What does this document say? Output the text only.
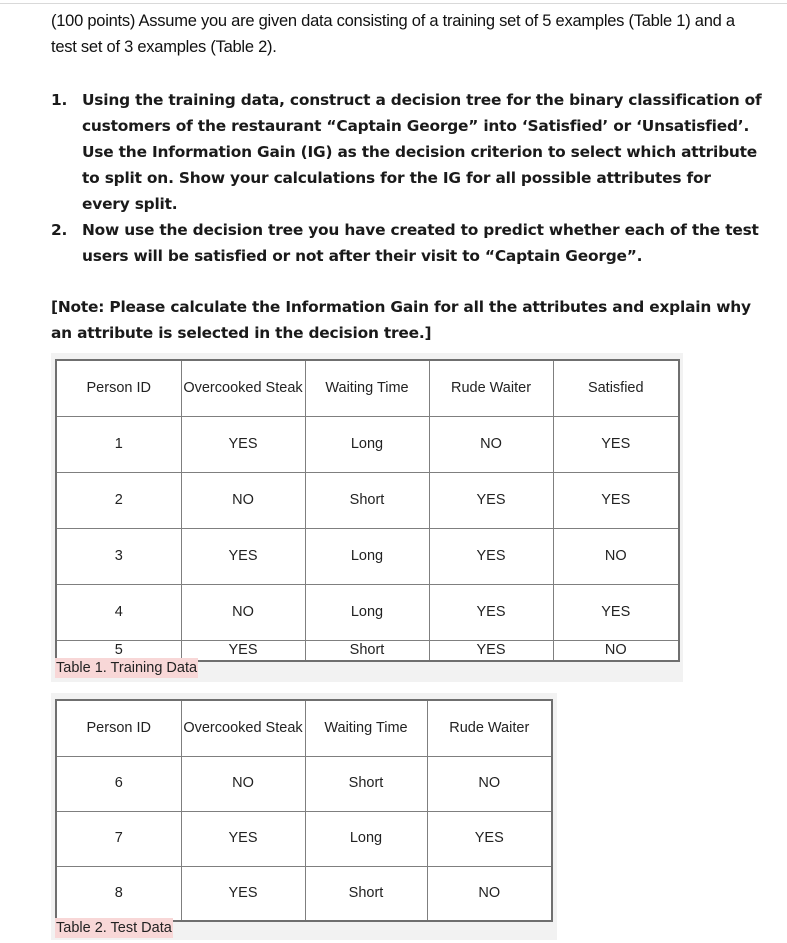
(100 points) Assume you are given data consisting of a training set of 5 examples (Table 1) and a test set of 3 examples (Table 2).
1. Using the training data, construct a decision tree for the binary classification of customers of the restaurant “Captain George” into ‘Satisfied’ or ‘Unsatisfied’. Use the Information Gain (IG) as the decision criterion to select which attribute to split on. Show your calculations for the IG for all possible attributes for every split.
2. Now use the decision tree you have created to predict whether each of the test users will be satisfied or not after their visit to “Captain George”.
[Note: Please calculate the Information Gain for all the attributes and explain why an attribute is selected in the decision tree.]
Person ID	Overcooked Steak	Waiting Time	Rude Waiter	Satisfied
1	YES	Long	NO	YES
2	NO	Short	YES	YES
3	YES	Long	YES	NO
4	NO	Long	YES	YES
5	YES	Short	YES	NO
Table 1. Training Data
Person ID	Overcooked Steak	Waiting Time	Rude Waiter
6	NO	Short	NO
7	YES	Long	YES
8	YES	Short	NO
Table 2. Test Data
